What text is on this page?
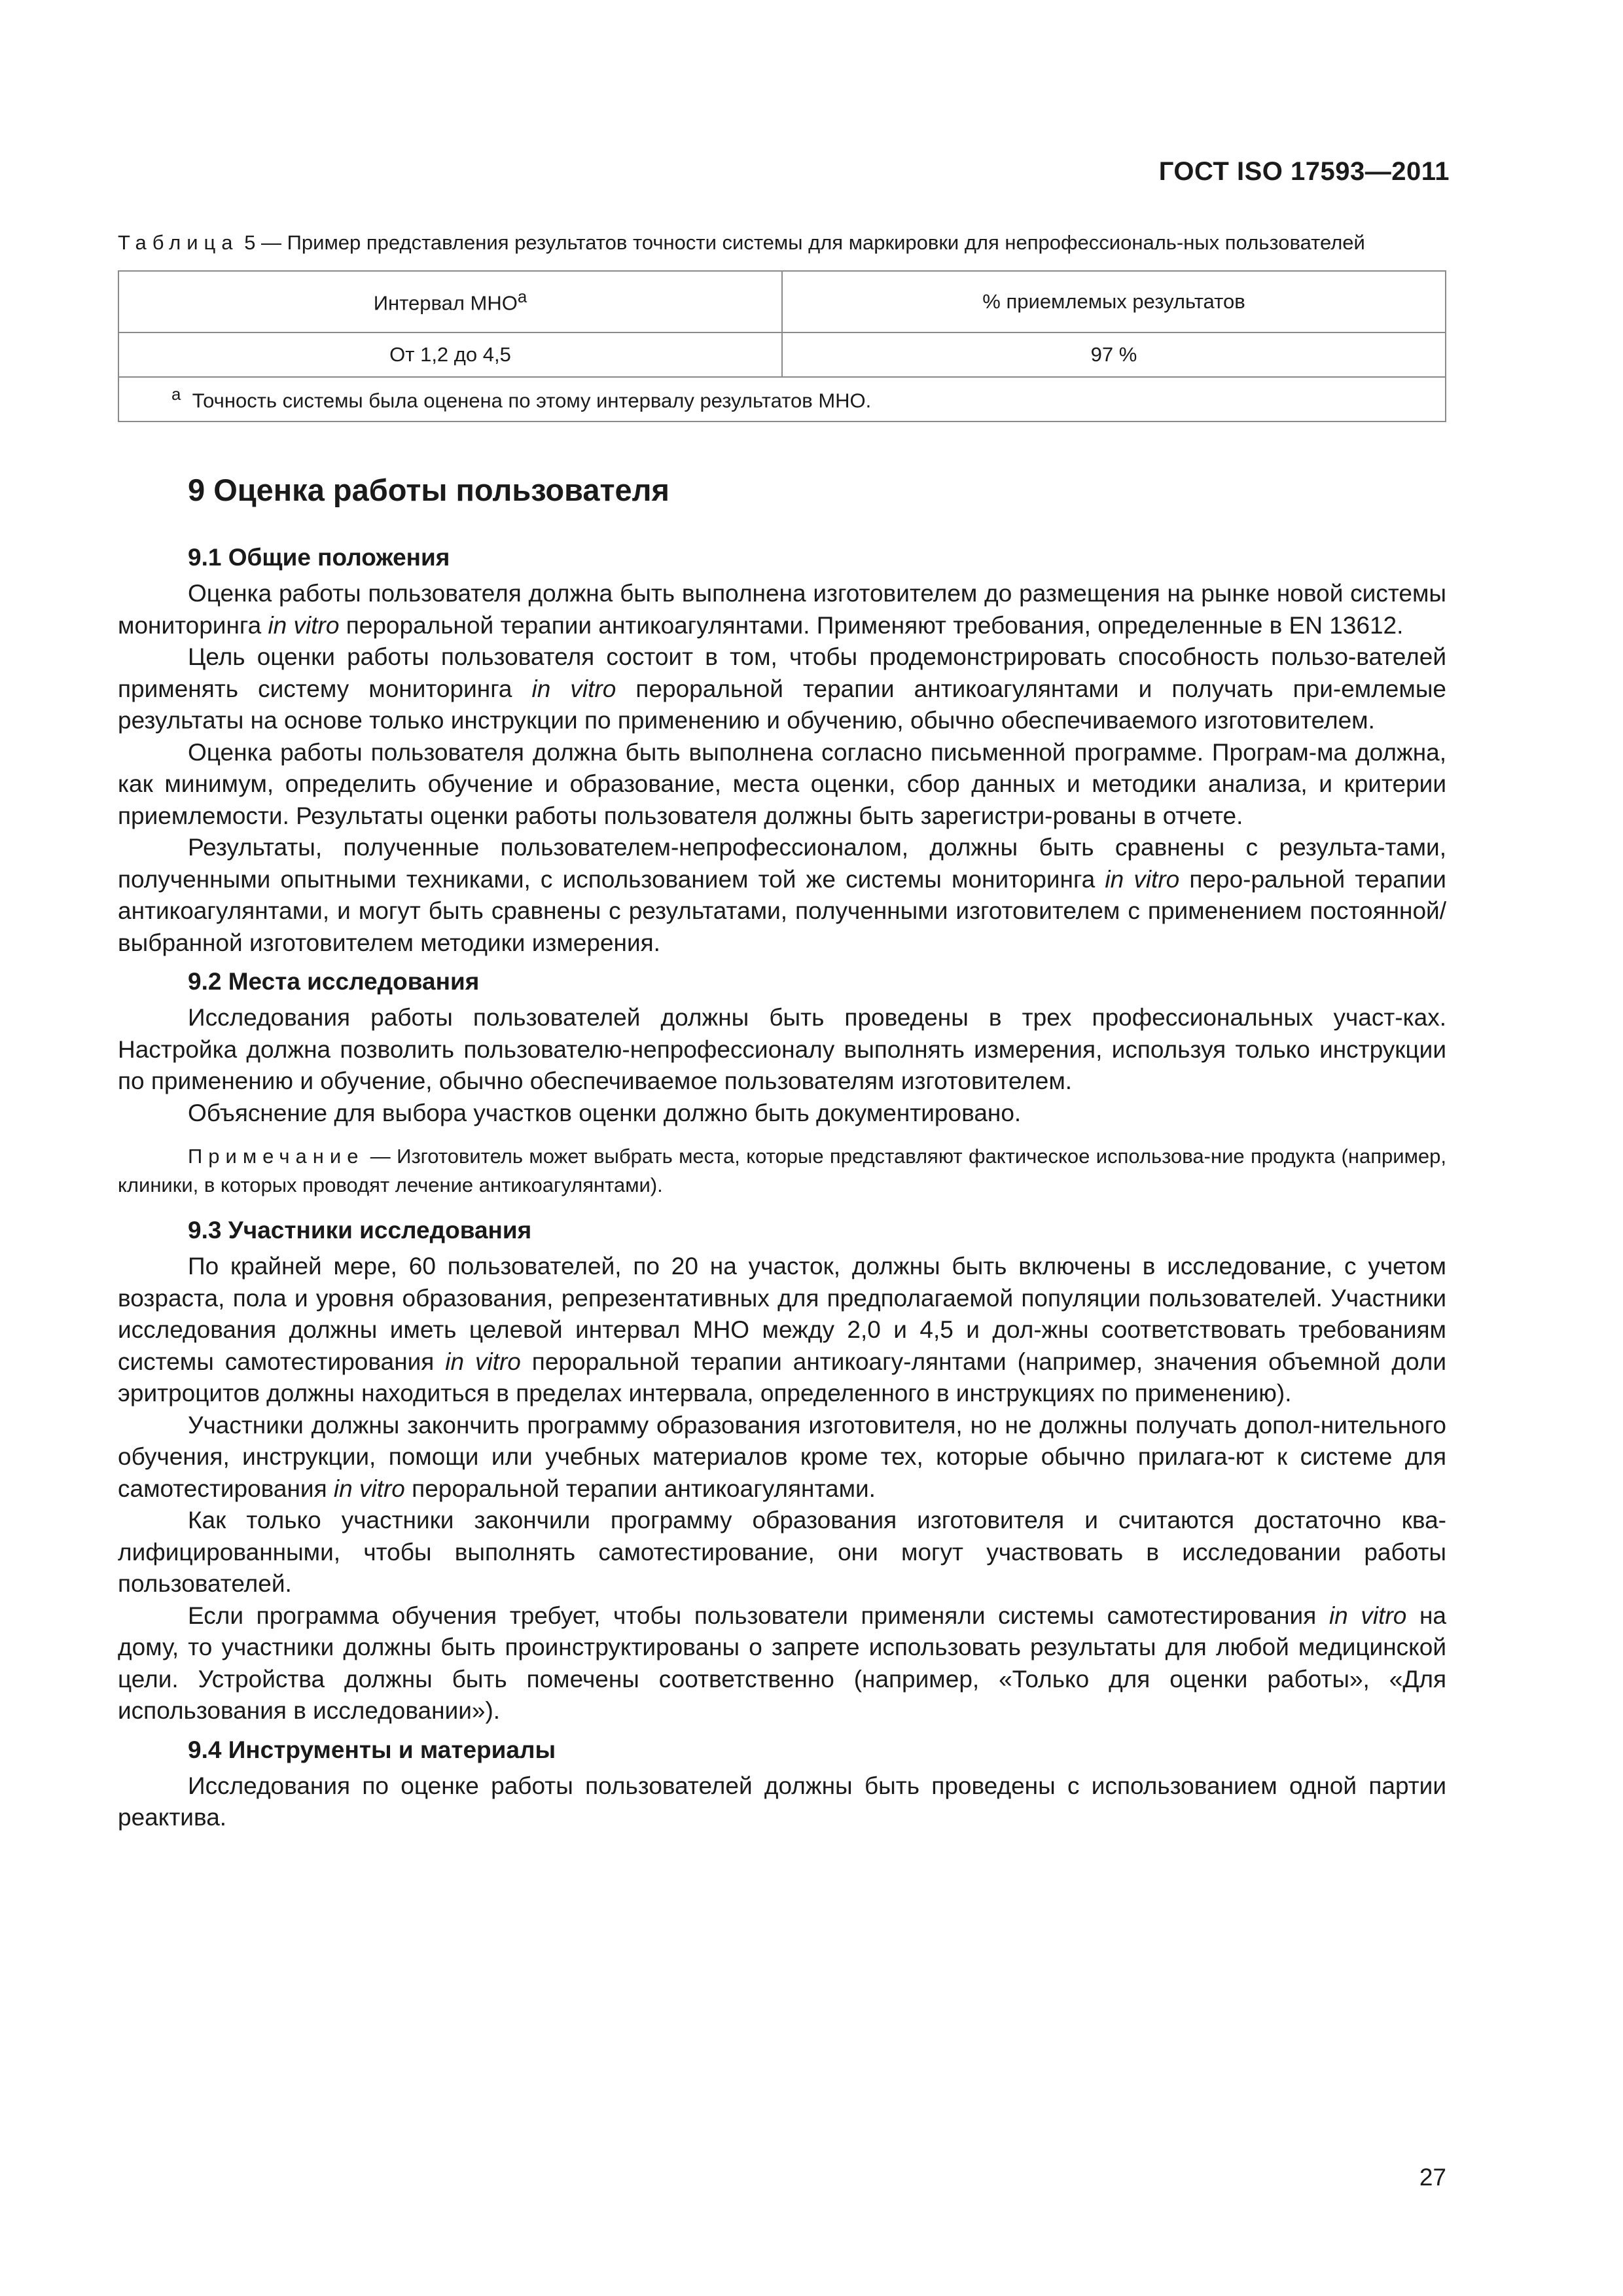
ГОСТ ISO 17593—2011

Таблица 5 — Пример представления результатов точности системы для маркировки для непрофессиональ-ных пользователей

Интервал МНО$^a$	% приемлемых результатов
От 1,2 до 4,5	97 %
$^a$ Точность системы была оценена по этому интервалу результатов МНО.	
9 Оценка работы пользователя
9.1 Общие положения

Оценка работы пользователя должна быть выполнена изготовителем до размещения на рынке новой системы мониторинга in vitro пероральной терапии антикоагулянтами. Применяют требования, определенные в EN 13612.

Цель оценки работы пользователя состоит в том, чтобы продемонстрировать способность пользо-вателей применять систему мониторинга in vitro пероральной терапии антикоагулянтами и получать при-емлемые результаты на основе только инструкции по применению и обучению, обычно обеспечиваемого изготовителем.

Оценка работы пользователя должна быть выполнена согласно письменной программе. Програм-ма должна, как минимум, определить обучение и образование, места оценки, сбор данных и методики анализа, и критерии приемлемости. Результаты оценки работы пользователя должны быть зарегистри-рованы в отчете.

Результаты, полученные пользователем-непрофессионалом, должны быть сравнены с результа-тами, полученными опытными техниками, с использованием той же системы мониторинга in vitro перо-ральной терапии антикоагулянтами, и могут быть сравнены с результатами, полученными изготовителем с применением постоянной/выбранной изготовителем методики измерения.

9.2 Места исследования

Исследования работы пользователей должны быть проведены в трех профессиональных участ-ках. Настройка должна позволить пользователю-непрофессионалу выполнять измерения, используя только инструкции по применению и обучение, обычно обеспечиваемое пользователям изготовителем.

Объяснение для выбора участков оценки должно быть документировано.

Примечание — Изготовитель может выбрать места, которые представляют фактическое использова-ние продукта (например, клиники, в которых проводят лечение антикоагулянтами).

9.3 Участники исследования

По крайней мере, 60 пользователей, по 20 на участок, должны быть включены в исследование, с учетом возраста, пола и уровня образования, репрезентативных для предполагаемой популяции пользователей. Участники исследования должны иметь целевой интервал МНО между 2,0 и 4,5 и дол-жны соответствовать требованиям системы самотестирования in vitro пероральной терапии антикоагу-лянтами (например, значения объемной доли эритроцитов должны находиться в пределах интервала, определенного в инструкциях по применению).

Участники должны закончить программу образования изготовителя, но не должны получать допол-нительного обучения, инструкции, помощи или учебных материалов кроме тех, которые обычно прилага-ют к системе для самотестирования in vitro пероральной терапии антикоагулянтами.

Как только участники закончили программу образования изготовителя и считаются достаточно ква-лифицированными, чтобы выполнять самотестирование, они могут участвовать в исследовании работы пользователей.

Если программа обучения требует, чтобы пользователи применяли системы самотестирования in vitro на дому, то участники должны быть проинструктированы о запрете использовать результаты для любой медицинской цели. Устройства должны быть помечены соответственно (например, «Только для оценки работы», «Для использования в исследовании»).

9.4 Инструменты и материалы

Исследования по оценке работы пользователей должны быть проведены с использованием одной партии реактива.

27
